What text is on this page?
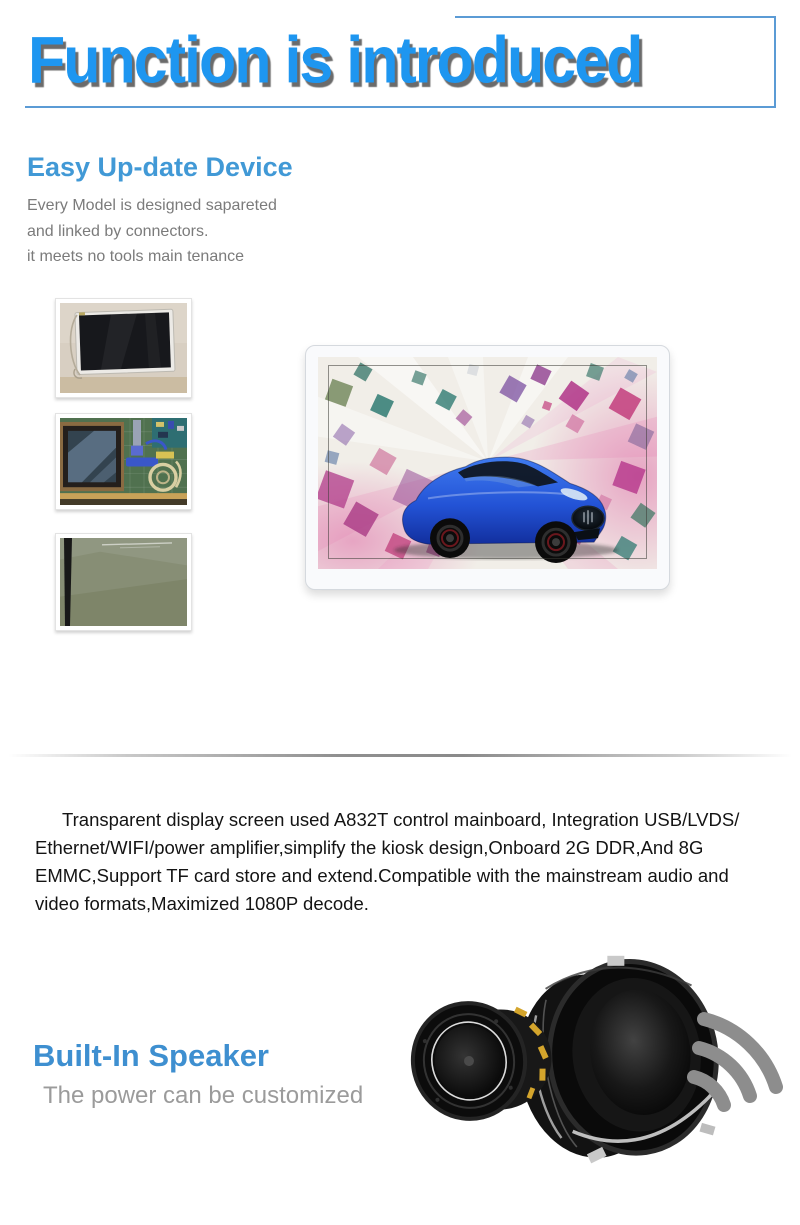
Function is introduced
Easy Up-date Device
Every Model is designed sapareted
and linked by connectors.
it meets no tools main tenance
Transparent display screen used A832T control mainboard, Integration USB/LVDS/
Ethernet/WIFI/power amplifier,simplify the kiosk design,Onboard 2G DDR,And 8G
EMMC,Support TF card store and extend.Compatible with the mainstream audio and
video formats,Maximized 1080P decode.
Built-In Speaker
The power can be customized
